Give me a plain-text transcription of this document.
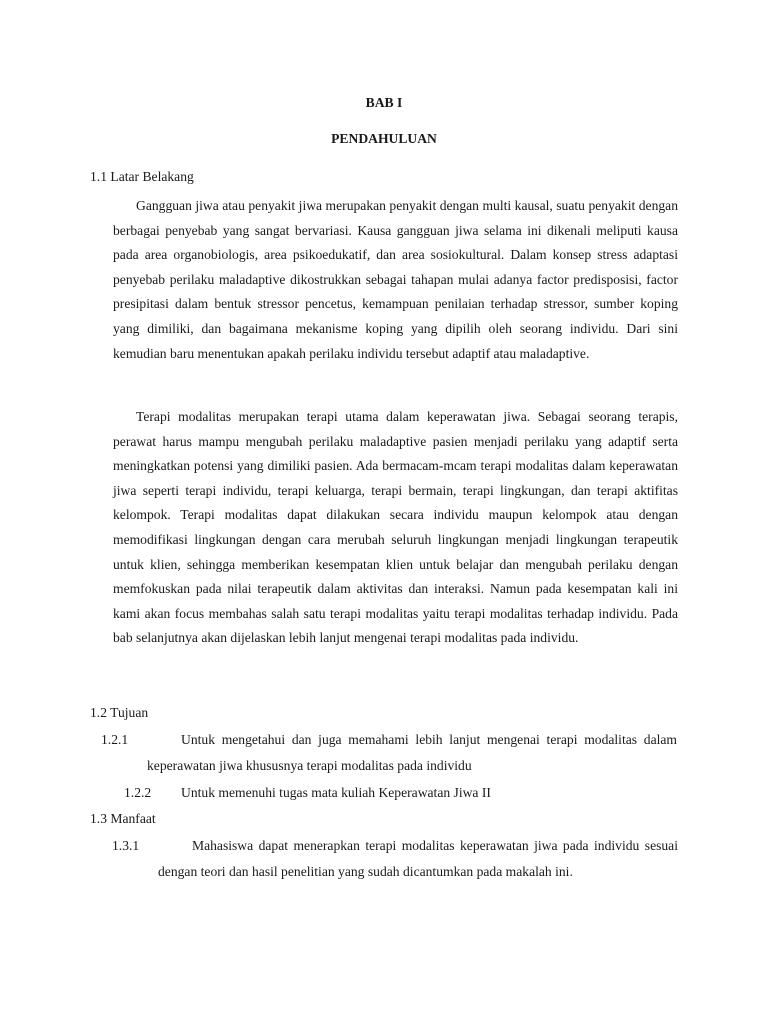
BAB I
PENDAHULUAN
1.1 Latar Belakang

Gangguan jiwa atau penyakit jiwa merupakan penyakit dengan multi kausal, suatu penyakit dengan berbagai penyebab yang sangat bervariasi. Kausa gangguan jiwa selama ini dikenali meliputi kausa pada area organobiologis, area psikoedukatif, dan area sosiokultural. Dalam konsep stress adaptasi penyebab perilaku maladaptive dikostrukkan sebagai tahapan mulai adanya factor predisposisi, factor presipitasi dalam bentuk stressor pencetus, kemampuan penilaian terhadap stressor, sumber koping yang dimiliki, dan bagaimana mekanisme koping yang dipilih oleh seorang individu. Dari sini kemudian baru menentukan apakah perilaku individu tersebut adaptif atau maladaptive.

Terapi modalitas merupakan terapi utama dalam keperawatan jiwa. Sebagai seorang terapis, perawat harus mampu mengubah perilaku maladaptive pasien menjadi perilaku yang adaptif serta meningkatkan potensi yang dimiliki pasien. Ada bermacam-mcam terapi modalitas dalam keperawatan jiwa seperti terapi individu, terapi keluarga, terapi bermain, terapi lingkungan, dan terapi aktifitas kelompok. Terapi modalitas dapat dilakukan secara individu maupun kelompok atau dengan memodifikasi lingkungan dengan cara merubah seluruh lingkungan menjadi lingkungan terapeutik untuk klien, sehingga memberikan kesempatan klien untuk belajar dan mengubah perilaku dengan memfokuskan pada nilai terapeutik dalam aktivitas dan interaksi. Namun pada kesempatan kali ini kami akan focus membahas salah satu terapi modalitas yaitu terapi modalitas terhadap individu. Pada bab selanjutnya akan dijelaskan lebih lanjut mengenai terapi modalitas pada individu.

1.2 Tujuan

1.2.1	Untuk mengetahui dan juga memahami lebih lanjut mengenai terapi modalitas dalam keperawatan jiwa khususnya terapi modalitas pada individu

1.2.2 Untuk memenuhi tugas mata kuliah Keperawatan Jiwa II

1.3 Manfaat

1.3.1	Mahasiswa dapat menerapkan terapi modalitas keperawatan jiwa pada individu sesuai dengan teori dan hasil penelitian yang sudah dicantumkan pada makalah ini.
